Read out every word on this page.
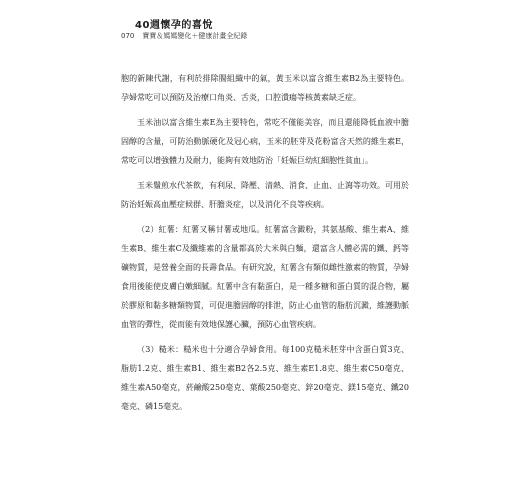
40週懷孕的喜悅
070 寶寶＆媽媽變化＋健康計畫全紀錄

胞的新陳代謝，有利於排除腸組織中的氣，黃玉米以富含維生素B2為主要特色。孕婦常吃可以預防及治療口角炎、舌炎，口腔潰瘍等核黃素缺乏症。

玉米油以富含維生素E為主要特色，常吃不僅能美容，而且還能降低血液中膽固醇的含量，可防治動脈硬化及冠心病，玉米的胚芽及花粉富含天然的維生素E，常吃可以增強體力及耐力，能夠有效地防治「妊娠巨幼紅細胞性貧血」。

玉米鬚煎水代茶飲，有利尿、降壓、清熱、消食、止血、止瀉等功效。可用於防治妊娠高血壓症候群、肝膽炎症，以及消化不良等疾病。

（2）紅薯：紅薯又稱甘薯或地瓜。紅薯富含澱粉，其氨基酸、維生素A、維生素B、維生素C及纖維素的含量都高於大米與白麵，還富含人體必需的鐵、鈣等礦物質，是營養全面的長壽食品。有研究說，紅薯含有類似雌性激素的物質，孕婦食用後能使皮膚白嫩細膩。紅薯中含有黏蛋白，是一種多糖和蛋白質的混合物，屬於膠原和黏多糖類物質，可促進膽固醇的排泄，防止心血管的脂肪沉澱，維護動脈血管的彈性，從而能有效地保護心臟，預防心血管疾病。

（3）糙米：糙米也十分適合孕婦食用。每100克糙米胚芽中含蛋白質3克、脂肪1.2克、維生素B1、維生素B2各2.5克、維生素E1.8克、維生素C50毫克、維生素A50毫克，菸鹼酸250毫克、葉酸250毫克、鋅20毫克、鎂15毫克、鐵20毫克、磷15毫克。
